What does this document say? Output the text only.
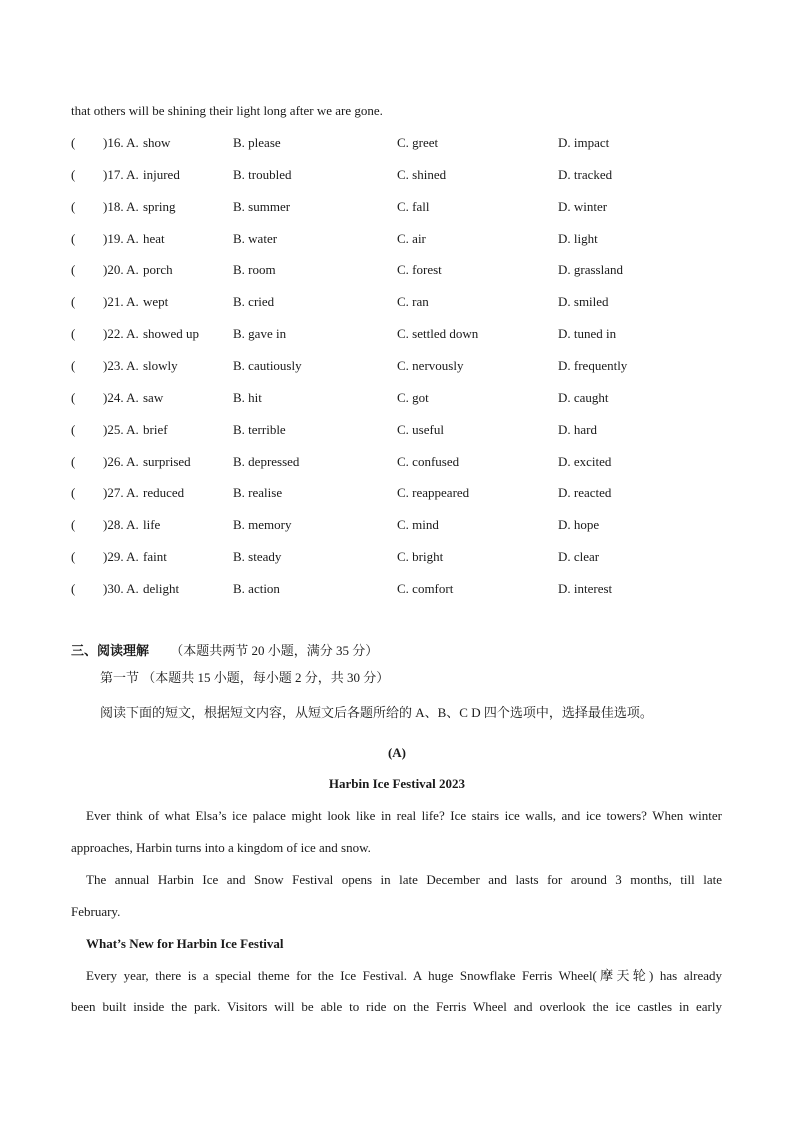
that others will be shining their light long after we are gone.
( )16. A. show	B. please	C. greet	D. impact
( )17. A. injured	B. troubled	C. shined	D. tracked
( )18. A. spring	B. summer	C. fall	D. winter
( )19. A. heat	B. water	C. air	D. light
( )20. A. porch	B. room	C. forest	D. grassland
( )21. A. wept	B. cried	C. ran	D. smiled
( )22. A. showed up	B. gave in	C. settled down	D. tuned in
( )23. A. slowly	B. cautiously	C. nervously	D. frequently
( )24. A. saw	B. hit	C. got	D. caught
( )25. A. brief	B. terrible	C. useful	D. hard
( )26. A. surprised	B. depressed	C. confused	D. excited
( )27. A. reduced	B. realise	C. reappeared	D. reacted
( )28. A. life	B. memory	C. mind	D. hope
( )29. A. faint	B. steady	C. bright	D. clear
( )30. A. delight	B. action	C. comfort	D. interest
三、阅读理解 （本题共两节 20 小题，满分 35 分）
第一节 （本题共 15 小题，每小题 2 分，共 30 分）
阅读下面的短文，根据短文内容，从短文后各题所给的 A、B、C D 四个选项中，选择最佳选项。
(A)
Harbin Ice Festival 2023
Ever think of what Elsa’s ice palace might look like in real life? Ice stairs ice walls, and ice towers? When winter
approaches, Harbin turns into a kingdom of ice and snow.
The annual Harbin Ice and Snow Festival opens in late December and lasts for around 3 months, till late
February.
What’s New for Harbin Ice Festival
Every year, there is a special theme for the Ice Festival. A huge Snowflake Ferris Wheel(摩天轮) has already
been built inside the park. Visitors will be able to ride on the Ferris Wheel and overlook the ice castles in early
